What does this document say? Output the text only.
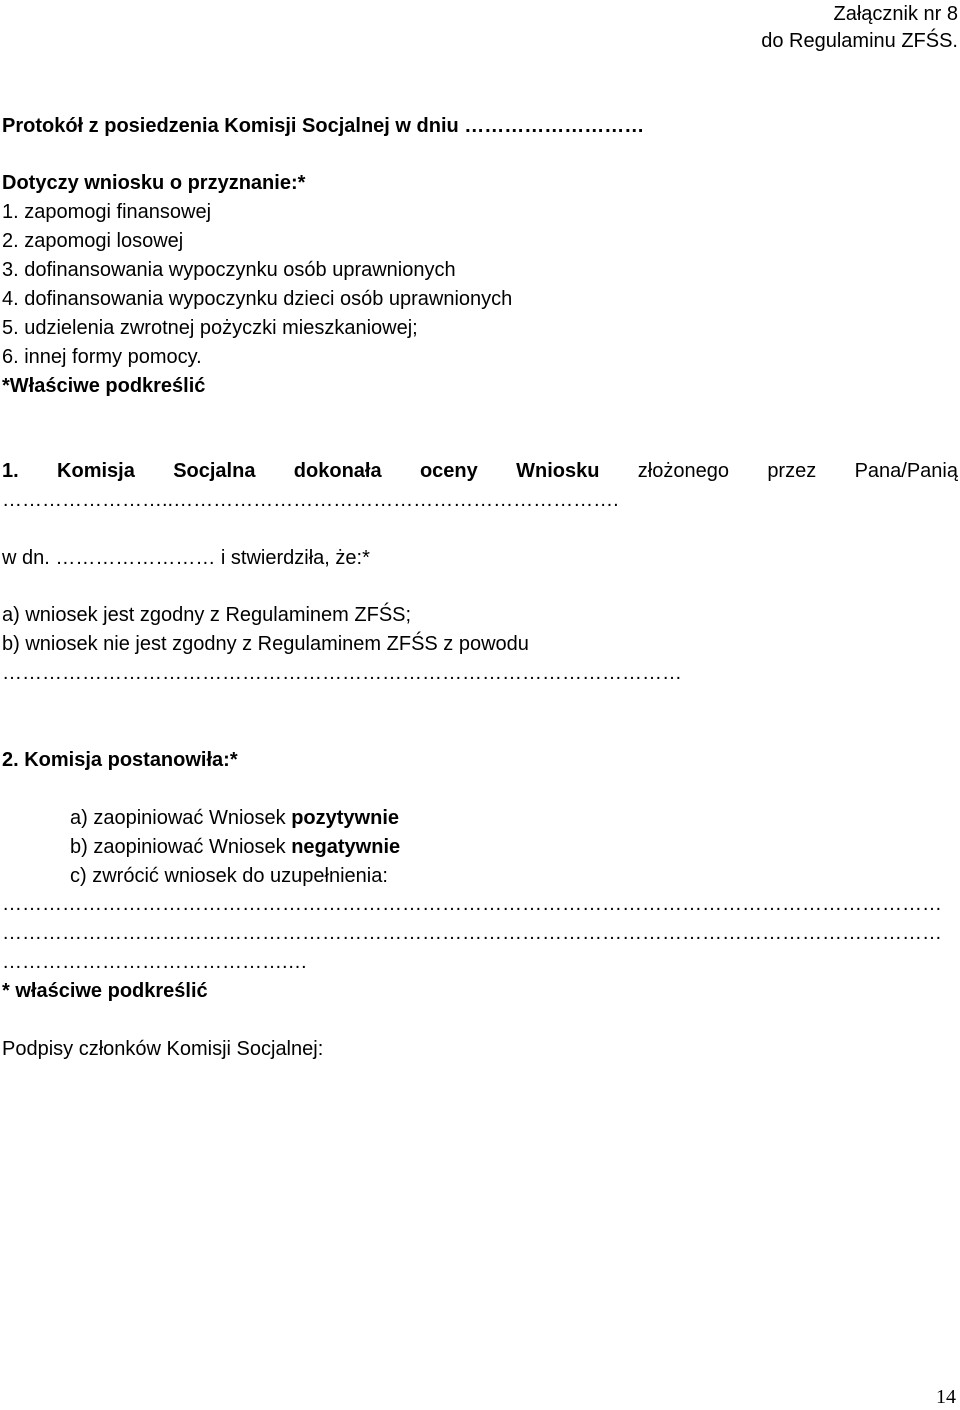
Załącznik nr 8
do Regulaminu ZFŚS.
Protokół z posiedzenia Komisji Socjalnej w dniu ………………………
Dotyczy wniosku o przyznanie:*
1. zapomogi finansowej
2. zapomogi losowej
3. dofinansowania wypoczynku osób uprawnionych
4. dofinansowania wypoczynku dzieci osób uprawnionych
5. udzielenia zwrotnej pożyczki mieszkaniowej;
6. innej formy pomocy.
*Właściwe podkreślić
1. Komisja Socjalna dokonała oceny Wniosku złożonego przez Pana/Panią
……………………..………………………………………………………….
w dn. …………………… i stwierdziła, że:*
a) wniosek jest zgodny z Regulaminem ZFŚS;
b) wniosek nie jest zgodny z Regulaminem ZFŚS z powodu
…………………………………………………………………………………………
2. Komisja postanowiła:*
a) zaopiniować Wniosek pozytywnie
b) zaopiniować Wniosek negatywnie
c) zwrócić wniosek do uzupełnienia:
……………………………………………………………………………………………………………………………
……………………………………………………………………………………………………………………………
…………………………………….…
* właściwe podkreślić
Podpisy członków Komisji Socjalnej:
14
